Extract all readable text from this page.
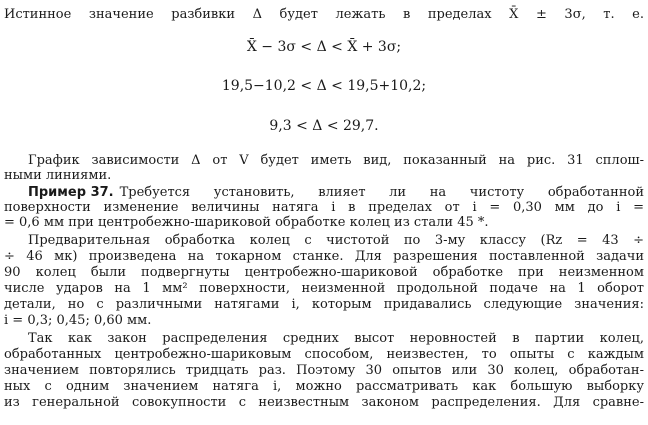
Истинное значение разбивки Δ будет лежать в пределах X̄ ± 3σ, т. е.
X̄ − 3σ < Δ < X̄ + 3σ;
19,5−10,2 < Δ < 19,5+10,2;
9,3 < Δ < 29,7.
График зависимости Δ от V будет иметь вид, показанный на рис. 31 сплош-
ными линиями.
Пример 37. Требуется установить, влияет ли на чистоту обработанной
поверхности изменение величины натяга i в пределах от i = 0,30 мм до i =
= 0,6 мм при центробежно-шариковой обработке колец из стали 45 *.
Предварительная обработка колец с чистотой по 3-му классу (Rz = 43 ÷
÷ 46 мк) произведена на токарном станке. Для разрешения поставленной задачи
90 колец были подвергнуты центробежно-шариковой обработке при неизменном
числе ударов на 1 мм² поверхности, неизменной продольной подаче на 1 оборот
детали, но с различными натягами i, которым придавались следующие значения:
i = 0,3; 0,45; 0,60 мм.
Так как закон распределения средних высот неровностей в партии колец,
обработанных центробежно-шариковым способом, неизвестен, то опыты с каждым
значением повторялись тридцать раз. Поэтому 30 опытов или 30 колец, обработан-
ных с одним значением натяга i, можно рассматривать как большую выборку
из генеральной совокупности с неизвестным законом распределения. Для сравне-
